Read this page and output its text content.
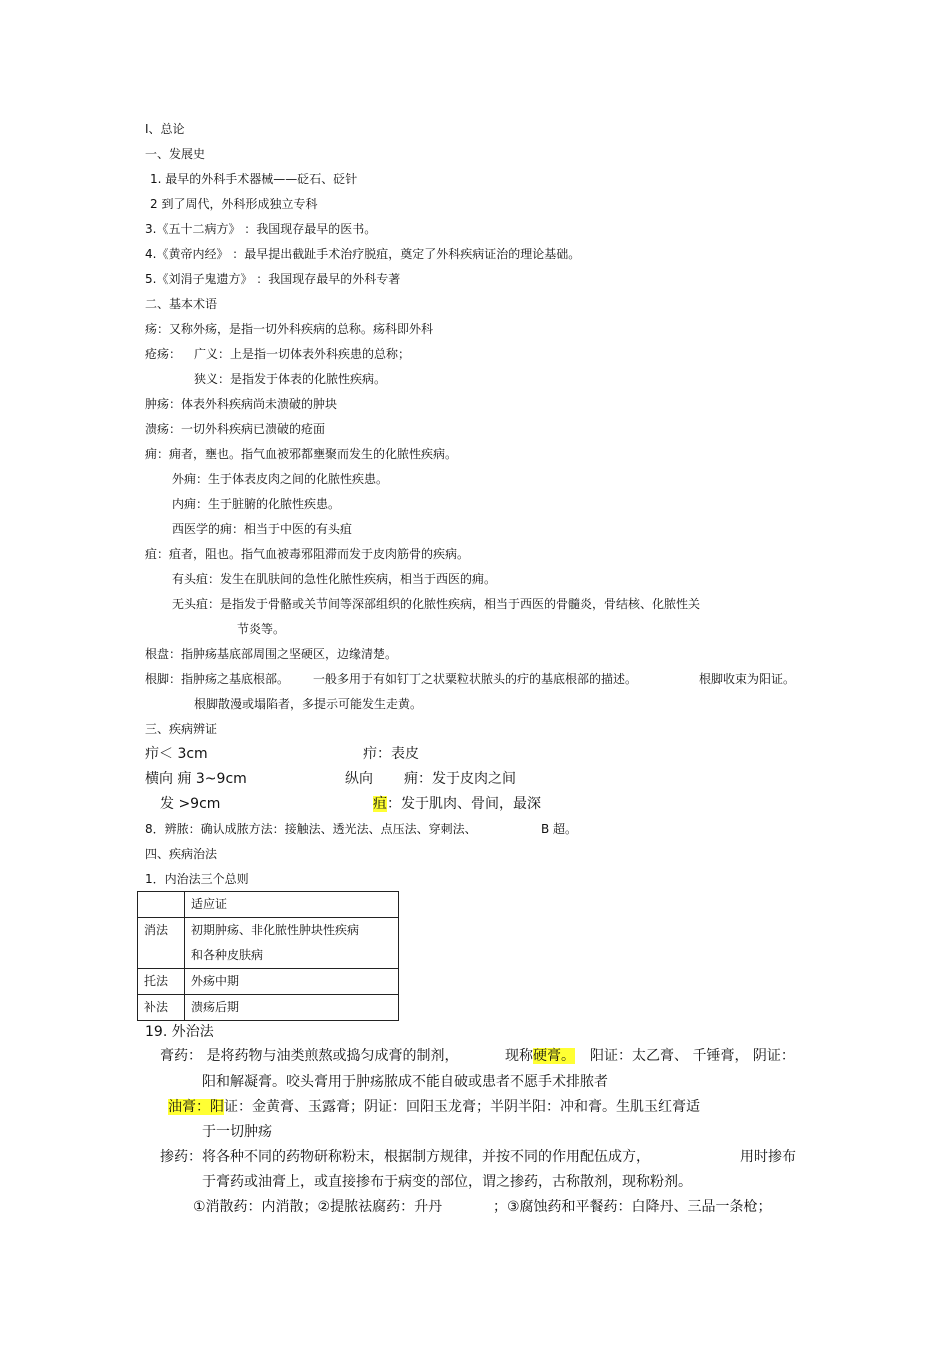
I、总论
一、发展史
1. 最早的外科手术器械——砭石、砭针
2 到了周代，外科形成独立专科
3.《五十二病方》 ：我国现存最早的医书。
4.《黄帝内经》 ：最早提出截趾手术治疗脱疽，奠定了外科疾病证治的理论基础。
5.《刘涓子鬼遗方》 ：我国现存最早的外科专著
二、基本术语
疡：又称外疡，是指一切外科疾病的总称。疡科即外科
疮疡： 广义：上是指一切体表外科疾患的总称；
狭义：是指发于体表的化脓性疾病。
肿疡：体表外科疾病尚未溃破的肿块
溃疡：一切外科疾病已溃破的疮面
痈：痈者，壅也。指气血被邪都壅聚而发生的化脓性疾病。
外痈：生于体表皮肉之间的化脓性疾患。
内痈：生于脏腑的化脓性疾患。
西医学的痈：相当于中医的有头疽
疽：疽者，阻也。指气血被毒邪阻滞而发于皮肉筋骨的疾病。
有头疽：发生在肌肤间的急性化脓性疾病，相当于西医的痈。
无头疽：是指发于骨骼或关节间等深部组织的化脓性疾病，相当于西医的骨髓炎，骨结核、化脓性关
节炎等。
根盘：指肿疡基底部周围之坚硬区，边缘清楚。
根脚：指肿疡之基底根部。 一般多用于有如钉丁之状粟粒状脓头的疔的基底根部的描述。	根脚收束为阳证。
根脚散漫或塌陷者，多提示可能发生走黄。
三、疾病辨证
疖＜ 3cm	疖：表皮
横向 痈 3~9cm	纵向 痈：发于皮肉之间
发 >9cm	疽：发于肌肉、骨间，最深
8．辨脓：确认成脓方法：接触法、透光法、点压法、穿刺法、	B 超。
四、疾病治法
1．内治法三个总则
	适应证
消法	初期肿疡、非化脓性肿块性疾病
和各种皮肤病

托法	外疡中期
补法	溃疡后期
19. 外治法
膏药： 是将药物与油类煎熬或捣匀成膏的制剂，	现称硬膏。 阳证：太乙膏、 千锤膏， 阴证：
阳和解凝膏。咬头膏用于肿疡脓成不能自破或患者不愿手术排脓者
油膏：阳证：金黄膏、玉露膏；阴证：回阳玉龙膏；半阴半阳：冲和膏。生肌玉红膏适
于一切肿疡
掺药：将各种不同的药物研称粉末，根据制方规律，并按不同的作用配伍成方，	用时掺布
于膏药或油膏上，或直接掺布于病变的部位，谓之掺药，古称散剂，现称粉剂。
①消散药：内消散；②提脓祛腐药：升丹	；③腐蚀药和平餐药：白降丹、三品一条枪；
